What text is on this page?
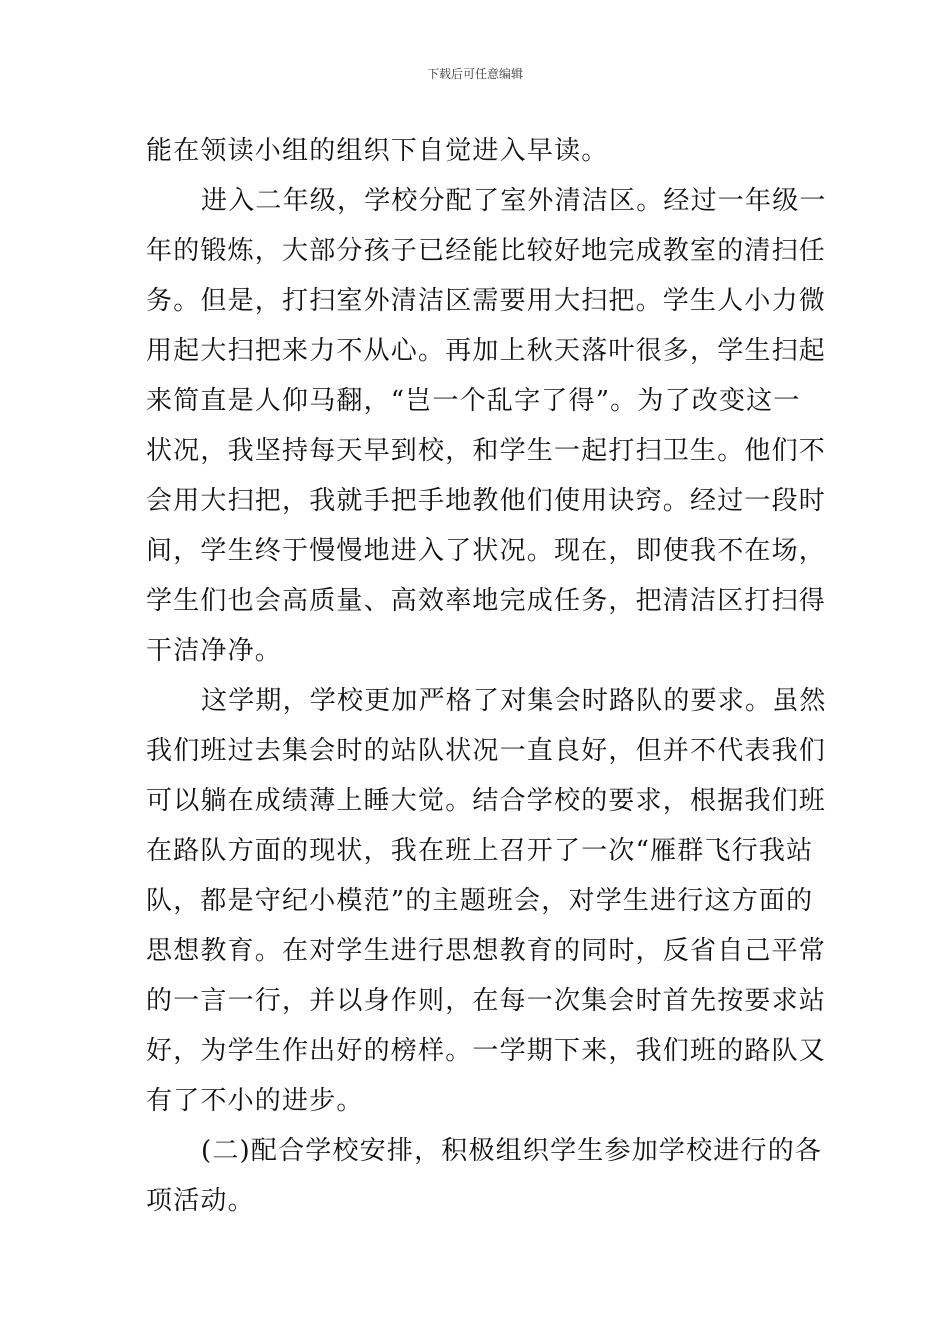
下载后可任意编辑
能在领读小组的组织下自觉进入早读。
进入二年级，学校分配了室外清洁区。经过一年级一
年的锻炼，大部分孩子已经能比较好地完成教室的清扫任
务。但是，打扫室外清洁区需要用大扫把。学生人小力微
用起大扫把来力不从心。再加上秋天落叶很多，学生扫起
来简直是人仰马翻，“岂一个乱字了得”。为了改变这一
状况，我坚持每天早到校，和学生一起打扫卫生。他们不
会用大扫把，我就手把手地教他们使用诀窍。经过一段时
间，学生终于慢慢地进入了状况。现在，即使我不在场，
学生们也会高质量、高效率地完成任务，把清洁区打扫得
干洁净净。
这学期，学校更加严格了对集会时路队的要求。虽然
我们班过去集会时的站队状况一直良好，但并不代表我们
可以躺在成绩薄上睡大觉。结合学校的要求，根据我们班
在路队方面的现状，我在班上召开了一次“雁群飞行我站
队，都是守纪小模范”的主题班会，对学生进行这方面的
思想教育。在对学生进行思想教育的同时，反省自己平常
的一言一行，并以身作则，在每一次集会时首先按要求站
好，为学生作出好的榜样。一学期下来，我们班的路队又
有了不小的进步。
(二)配合学校安排，积极组织学生参加学校进行的各
项活动。
